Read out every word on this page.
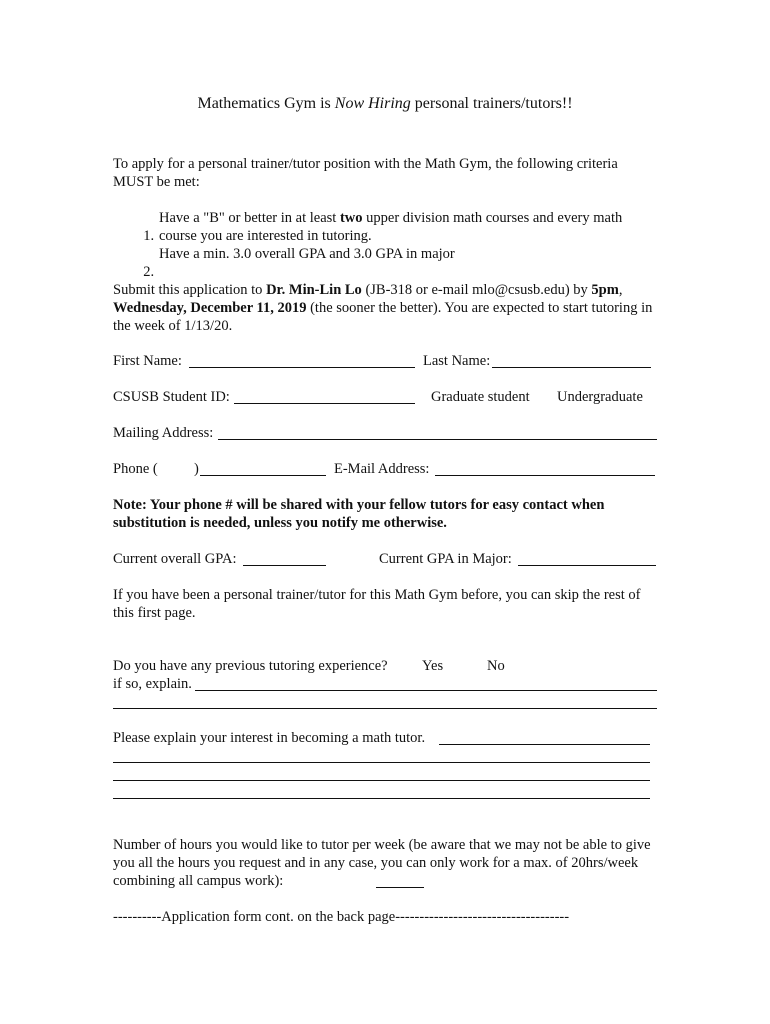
Mathematics Gym is Now Hiring personal trainers/tutors!!
To apply for a personal trainer/tutor position with the Math Gym, the following criteria MUST be met:

1.
Have a "B" or better in at least two upper division math courses and every math course you are interested in tutoring.

2.
Have a min. 3.0 overall GPA and 3.0 GPA in major

Submit this application to Dr. Min-Lin Lo (JB-318 or e-mail mlo@csusb.edu) by 5pm, Wednesday, December 11, 2019 (the sooner the better). You are expected to start tutoring in the week of 1/13/20.
First Name:	Last Name:
CSUSB Student ID:	Graduate student Undergraduate
Mailing Address:
Phone (	)	E-Mail Address:
Note: Your phone # will be shared with your fellow tutors for easy contact when substitution is needed, unless you notify me otherwise.
Current overall GPA:	Current GPA in Major:
If you have been a personal trainer/tutor for this Math Gym before, you can skip the rest of this first page.
Do you have any previous tutoring experience? Yes	No
if so, explain.
Please explain your interest in becoming a math tutor.
Number of hours you would like to tutor per week (be aware that we may not be able to give you all the hours you request and in any case, you can only work for a max. of 20hrs/week combining all campus work):
----------Application form cont. on the back page------------------------------------
